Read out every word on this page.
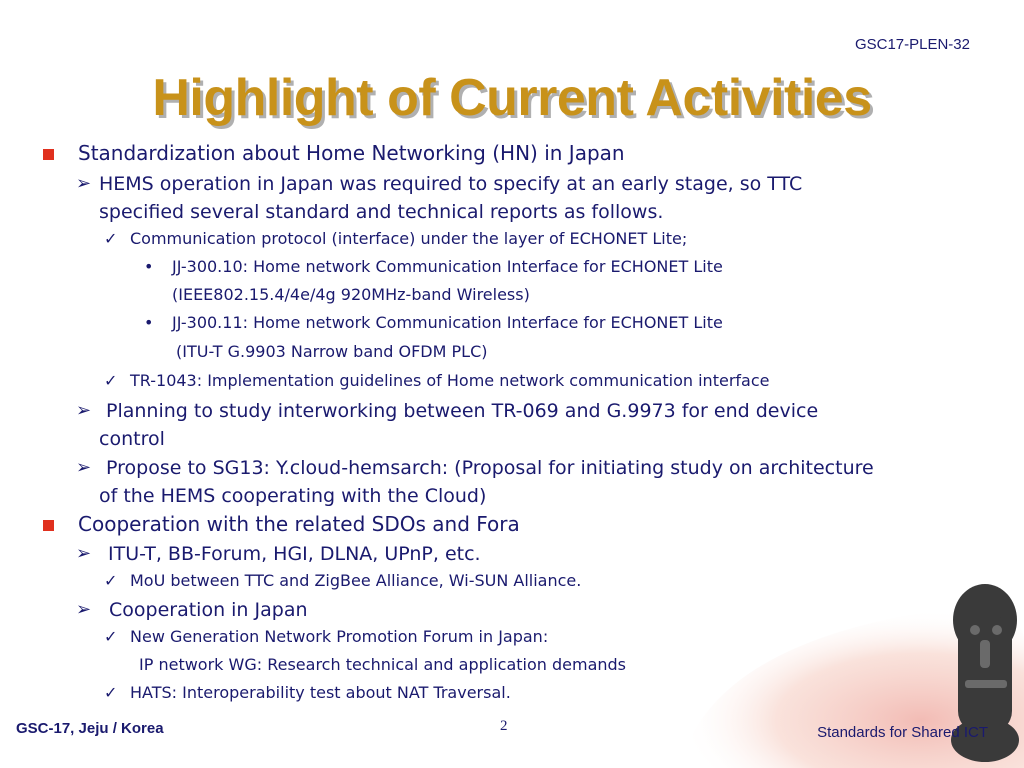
GSC17-PLEN-32
Highlight of Current Activities
Standardization about Home Networking (HN) in Japan
➢ HEMS operation in Japan was required to specify at an early stage, so TTC
specified several standard and technical reports as follows.
✓ Communication protocol (interface) under the layer of ECHONET Lite;
• JJ-300.10: Home network Communication Interface for ECHONET Lite
(IEEE802.15.4/4e/4g 920MHz-band Wireless)
• JJ-300.11: Home network Communication Interface for ECHONET Lite
(ITU-T G.9903 Narrow band OFDM PLC)
✓ TR-1043: Implementation guidelines of Home network communication interface
➢ Planning to study interworking between TR-069 and G.9973 for end device
control
➢ Propose to SG13: Y.cloud-hemsarch: (Proposal for initiating study on architecture
of the HEMS cooperating with the Cloud)
Cooperation with the related SDOs and Fora
➢ ITU-T, BB-Forum, HGI, DLNA, UPnP, etc.
✓ MoU between TTC and ZigBee Alliance, Wi-SUN Alliance.
➢ Cooperation in Japan
✓ New Generation Network Promotion Forum in Japan:
IP network WG: Research technical and application demands
✓ HATS: Interoperability test about NAT Traversal.
GSC-17, Jeju / Korea	2	Standards for Shared ICT
